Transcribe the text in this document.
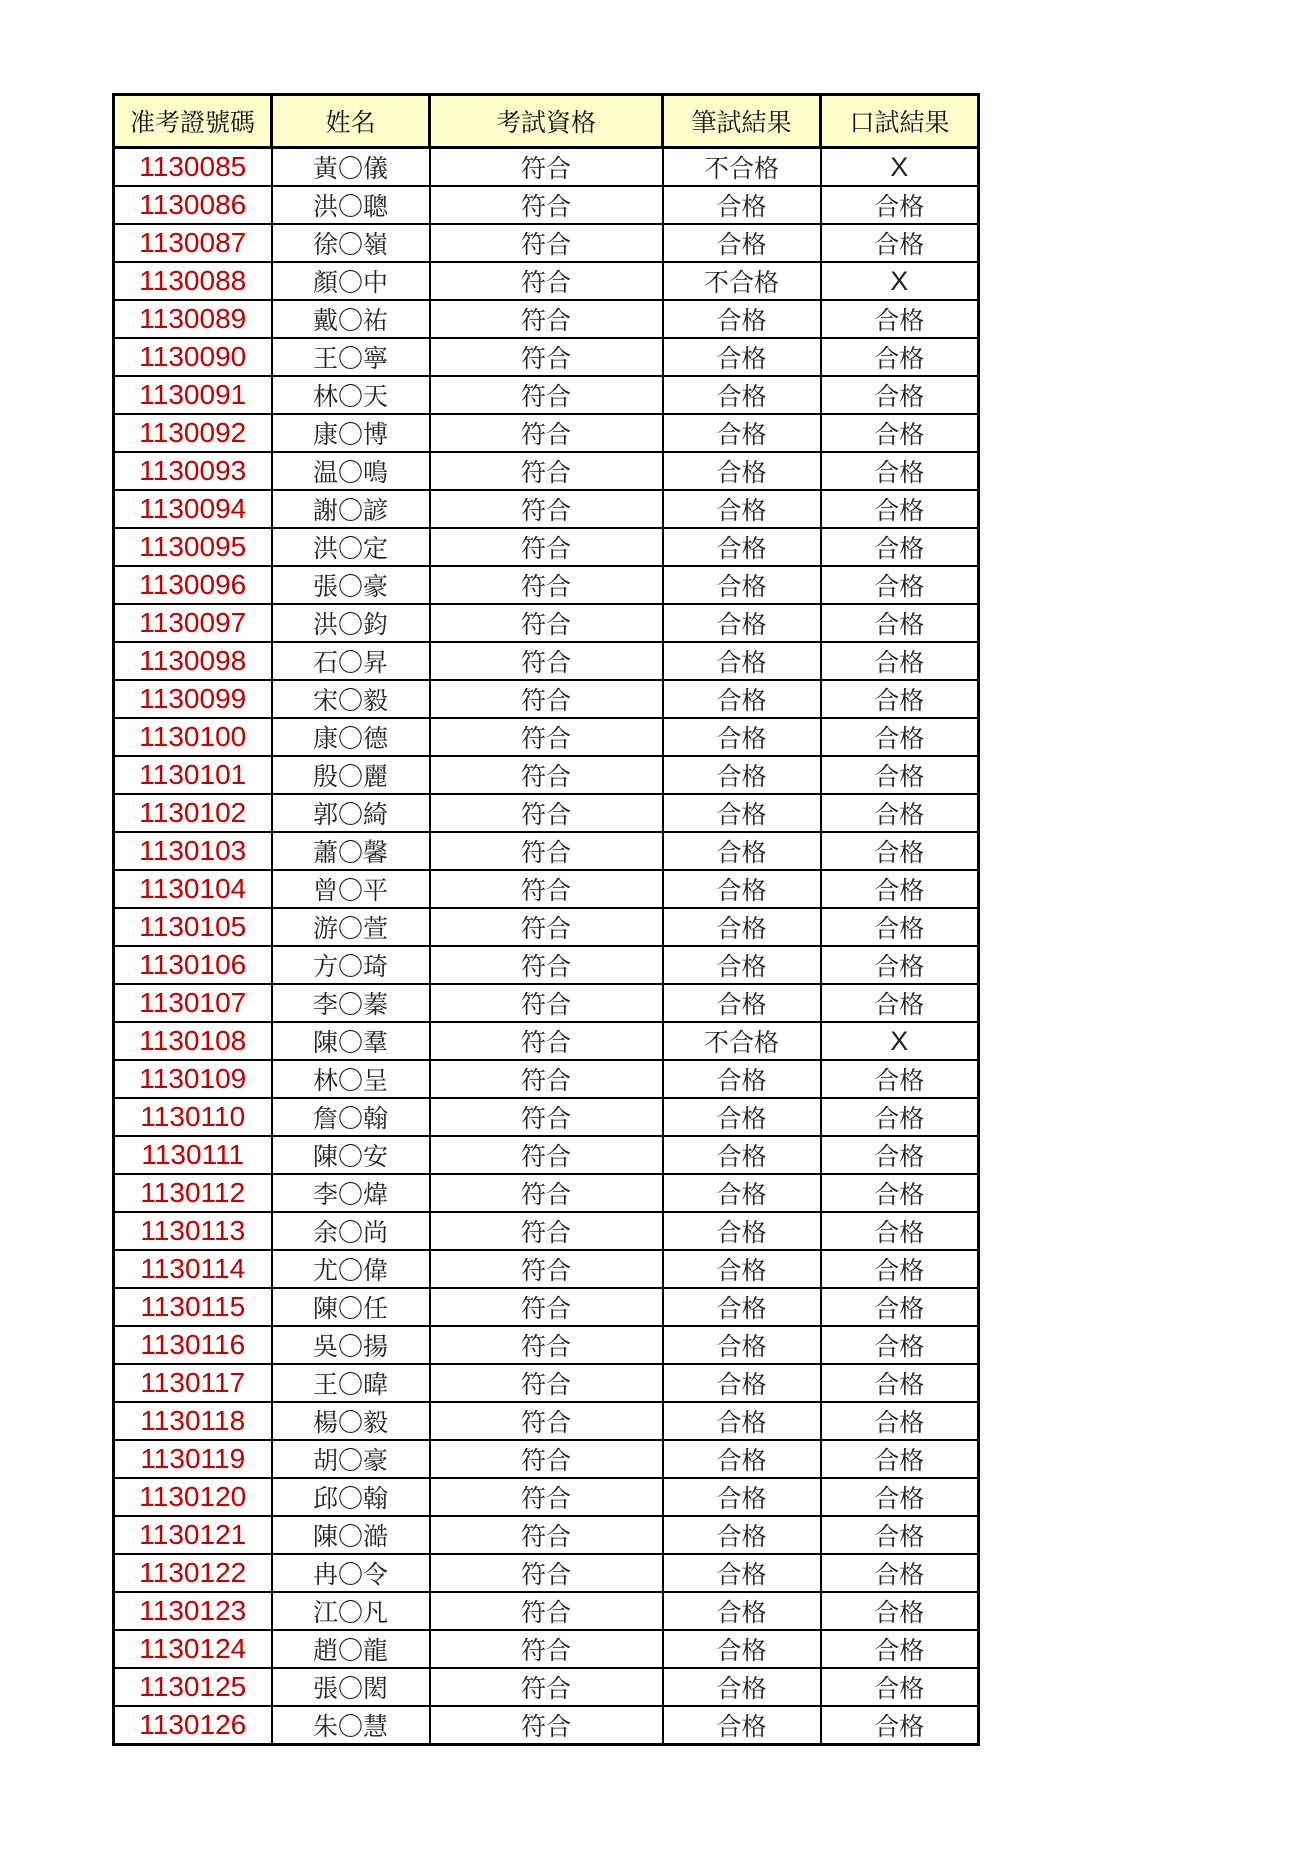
准考證號碼	姓名	考試資格	筆試結果	口試結果
1130085	黃〇儀	符合	不合格	X
1130086	洪〇聰	符合	合格	合格
1130087	徐〇嶺	符合	合格	合格
1130088	顏〇中	符合	不合格	X
1130089	戴〇祐	符合	合格	合格
1130090	王〇寧	符合	合格	合格
1130091	林〇天	符合	合格	合格
1130092	康〇博	符合	合格	合格
1130093	温〇鳴	符合	合格	合格
1130094	謝〇諺	符合	合格	合格
1130095	洪〇定	符合	合格	合格
1130096	張〇豪	符合	合格	合格
1130097	洪〇鈞	符合	合格	合格
1130098	石〇昇	符合	合格	合格
1130099	宋〇毅	符合	合格	合格
1130100	康〇德	符合	合格	合格
1130101	殷〇麗	符合	合格	合格
1130102	郭〇綺	符合	合格	合格
1130103	蕭〇馨	符合	合格	合格
1130104	曾〇平	符合	合格	合格
1130105	游〇萱	符合	合格	合格
1130106	方〇琦	符合	合格	合格
1130107	李〇蓁	符合	合格	合格
1130108	陳〇羣	符合	不合格	X
1130109	林〇呈	符合	合格	合格
1130110	詹〇翰	符合	合格	合格
1130111	陳〇安	符合	合格	合格
1130112	李〇煒	符合	合格	合格
1130113	余〇尚	符合	合格	合格
1130114	尤〇偉	符合	合格	合格
1130115	陳〇任	符合	合格	合格
1130116	吳〇揚	符合	合格	合格
1130117	王〇暐	符合	合格	合格
1130118	楊〇毅	符合	合格	合格
1130119	胡〇豪	符合	合格	合格
1130120	邱〇翰	符合	合格	合格
1130121	陳〇澔	符合	合格	合格
1130122	冉〇令	符合	合格	合格
1130123	江〇凡	符合	合格	合格
1130124	趙〇龍	符合	合格	合格
1130125	張〇閎	符合	合格	合格
1130126	朱〇慧	符合	合格	合格
